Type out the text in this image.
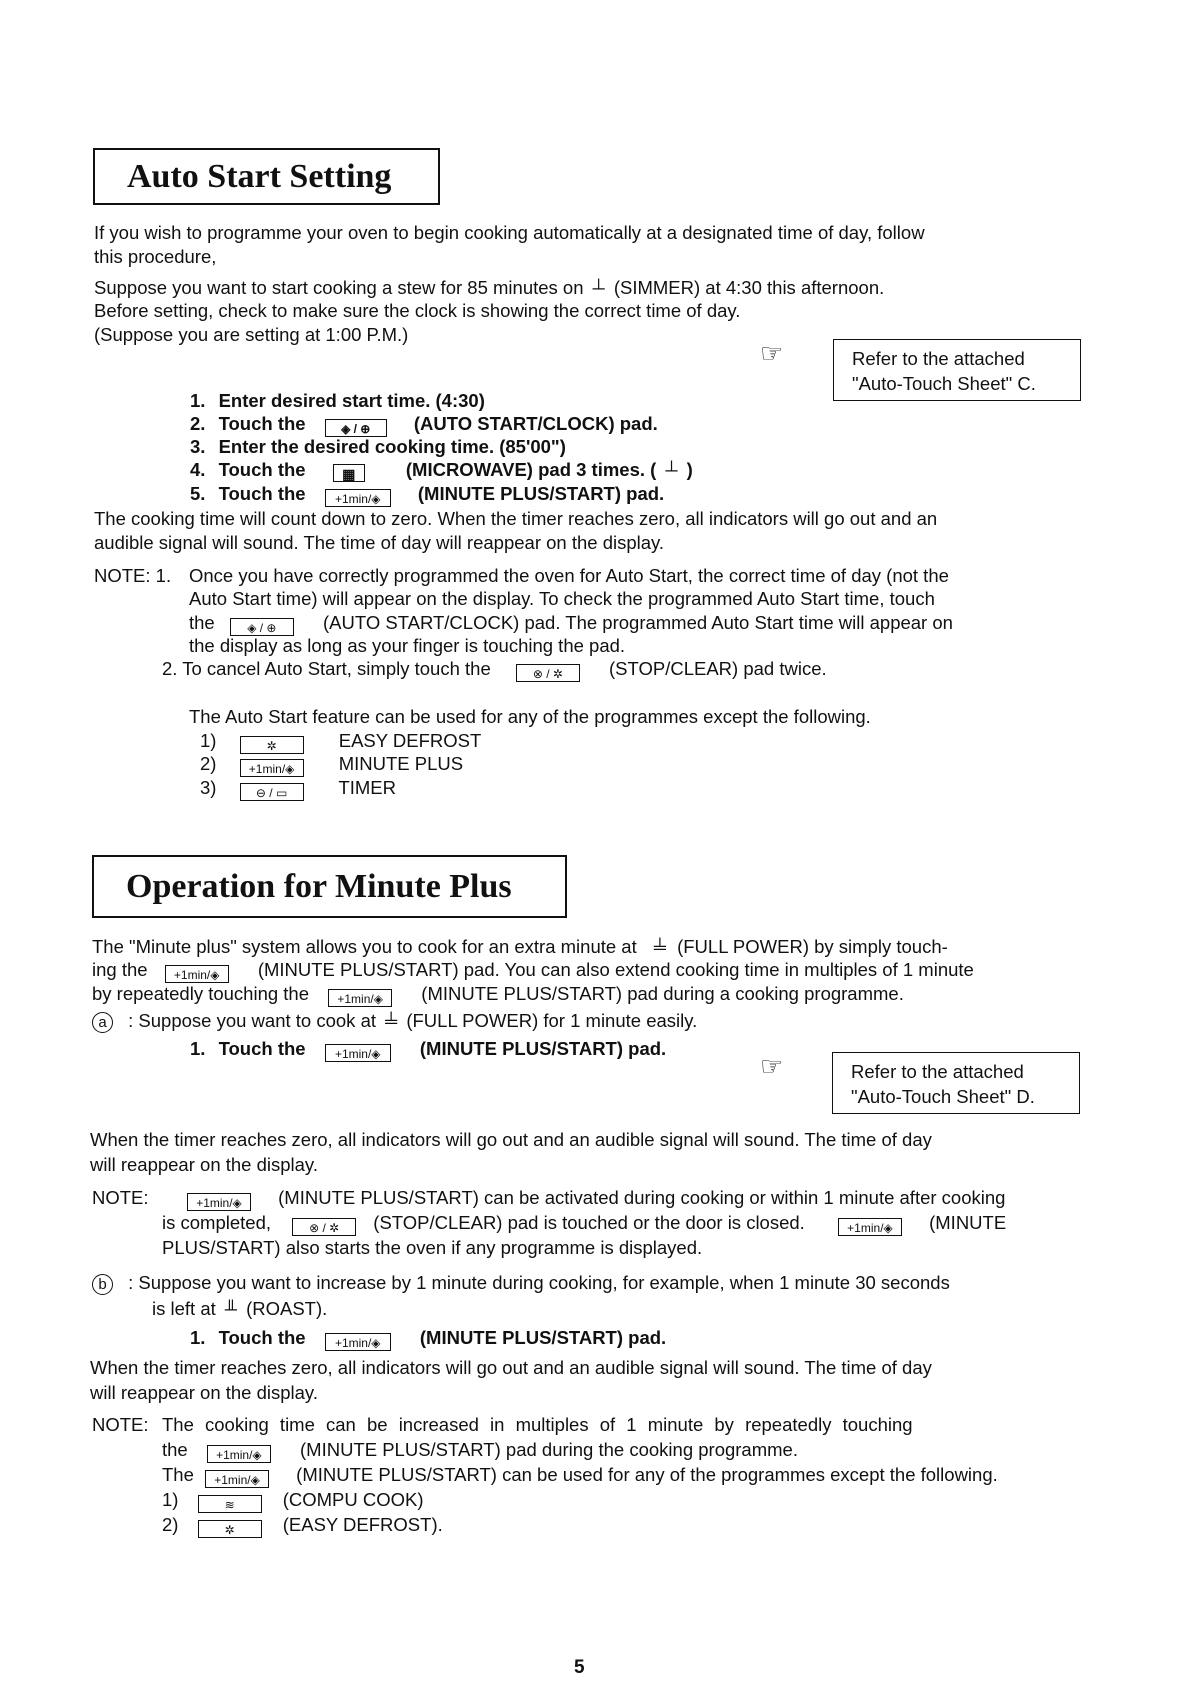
Auto Start Setting
If you wish to programme your oven to begin cooking automatically at a designated time of day, follow
this procedure,
Suppose you want to start cooking a stew for 85 minutes on ┴ (SIMMER) at 4:30 this afternoon.
Before setting, check to make sure the clock is showing the correct time of day.
(Suppose you are setting at 1:00 P.M.)
☞	Refer to the attached
"Auto-Touch Sheet" C.
1. Enter desired start time. (4:30)
2. Touch the	◈ / ⊕ (AUTO START/CLOCK) pad.
3. Enter the desired cooking time. (85'00")
4. Touch the	▦	(MICROWAVE) pad 3 times. ( ┴ )
5. Touch the +1min/◈ (MINUTE PLUS/START) pad.
The cooking time will count down to zero. When the timer reaches zero, all indicators will go out and an
audible signal will sound. The time of day will reappear on the display.
NOTE: 1. Once you have correctly programmed the oven for Auto Start, the correct time of day (not the
Auto Start time) will appear on the display. To check the programmed Auto Start time, touch
the	◈ / ⊕	(AUTO START/CLOCK) pad. The programmed Auto Start time will appear on
the display as long as your finger is touching the pad.
2. To cancel Auto Start, simply touch the	⊗ / ✲ (STOP/CLEAR) pad twice.
The Auto Start feature can be used for any of the programmes except the following.
1)	✲	EASY DEFROST
2)	+1min/◈ MINUTE PLUS
3)	⊖ / ▭	TIMER
Operation for Minute Plus
The "Minute plus" system allows you to cook for an extra minute at ╧ (FULL POWER) by simply touch-
ing the +1min/◈ (MINUTE PLUS/START) pad. You can also extend cooking time in multiples of 1 minute
by repeatedly touching the +1min/◈ (MINUTE PLUS/START) pad during a cooking programme.
a : Suppose you want to cook at ╧ (FULL POWER) for 1 minute easily.
1. Touch the +1min/◈ (MINUTE PLUS/START) pad.
☞	Refer to the attached
"Auto-Touch Sheet" D.
When the timer reaches zero, all indicators will go out and an audible signal will sound. The time of day
will reappear on the display.
NOTE:	+1min/◈ (MINUTE PLUS/START) can be activated during cooking or within 1 minute after cooking
is completed,	⊗ / ✲ (STOP/CLEAR) pad is touched or the door is closed.	+1min/◈ (MINUTE
PLUS/START) also starts the oven if any programme is displayed.
b : Suppose you want to increase by 1 minute during cooking, for example, when 1 minute 30 seconds
is left at ╨ (ROAST).
1. Touch the +1min/◈ (MINUTE PLUS/START) pad.
When the timer reaches zero, all indicators will go out and an audible signal will sound. The time of day
will reappear on the display.
NOTE: The cooking time can be increased in multiples of 1 minute by repeatedly touching
the +1min/◈ (MINUTE PLUS/START) pad during the cooking programme.
The +1min/◈ (MINUTE PLUS/START) can be used for any of the programmes except the following.
1)	≋	(COMPU COOK)
2)	✲	(EASY DEFROST).
5
